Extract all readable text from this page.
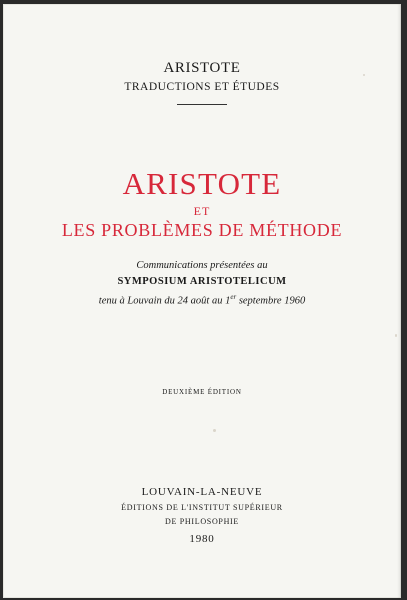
ARISTOTE
TRADUCTIONS ET ÉTUDES
ARISTOTE
ET
LES PROBLÈMES DE MÉTHODE
Communications présentées au
SYMPOSIUM ARISTOTELICUM
tenu à Louvain du 24 août au 1er septembre 1960
DEUXIÈME ÉDITION
LOUVAIN-LA-NEUVE
ÉDITIONS DE L'INSTITUT SUPÉRIEUR
DE PHILOSOPHIE
1980
